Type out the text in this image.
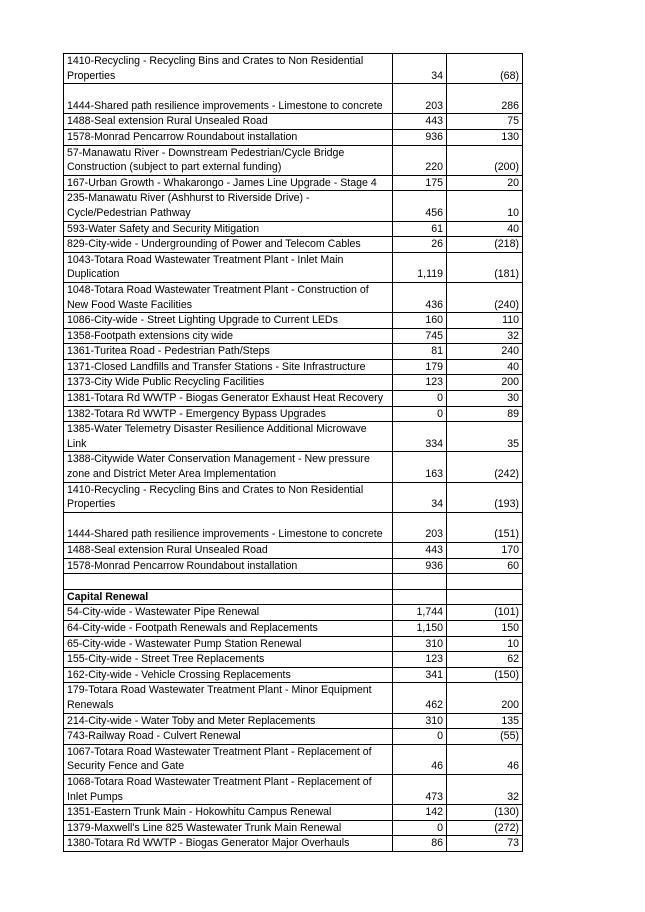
1410-Recycling - Recycling Bins and Crates to Non Residential Properties	34	(68)
1444-Shared path resilience improvements - Limestone to concrete	203	286
1488-Seal extension Rural Unsealed Road	443	75
1578-Monrad Pencarrow Roundabout installation	936	130
57-Manawatu River - Downstream Pedestrian/Cycle Bridge Construction (subject to part external funding)	220	(200)
167-Urban Growth - Whakarongo - James Line Upgrade - Stage 4	175	20
235-Manawatu River (Ashhurst to Riverside Drive) - Cycle/Pedestrian Pathway	456	10
593-Water Safety and Security Mitigation	61	40
829-City-wide - Undergrounding of Power and Telecom Cables	26	(218)
1043-Totara Road Wastewater Treatment Plant - Inlet Main Duplication	1,119	(181)
1048-Totara Road Wastewater Treatment Plant - Construction of New Food Waste Facilities	436	(240)
1086-City-wide - Street Lighting Upgrade to Current LEDs	160	110
1358-Footpath extensions city wide	745	32
1361-Turitea Road - Pedestrian Path/Steps	81	240
1371-Closed Landfills and Transfer Stations - Site Infrastructure	179	40
1373-City Wide Public Recycling Facilities	123	200
1381-Totara Rd WWTP - Biogas Generator Exhaust Heat Recovery	0	30
1382-Totara Rd WWTP - Emergency Bypass Upgrades	0	89
1385-Water Telemetry Disaster Resilience Additional Microwave Link	334	35
1388-Citywide Water Conservation Management - New pressure zone and District Meter Area Implementation	163	(242)
1410-Recycling - Recycling Bins and Crates to Non Residential Properties	34	(193)
1444-Shared path resilience improvements - Limestone to concrete	203	(151)
1488-Seal extension Rural Unsealed Road	443	170
1578-Monrad Pencarrow Roundabout installation	936	60

Capital Renewal		
54-City-wide - Wastewater Pipe Renewal	1,744	(101)
64-City-wide - Footpath Renewals and Replacements	1,150	150
65-City-wide - Wastewater Pump Station Renewal	310	10
155-City-wide - Street Tree Replacements	123	62
162-City-wide - Vehicle Crossing Replacements	341	(150)
179-Totara Road Wastewater Treatment Plant - Minor Equipment Renewals	462	200
214-City-wide - Water Toby and Meter Replacements	310	135
743-Railway Road - Culvert Renewal	0	(55)
1067-Totara Road Wastewater Treatment Plant - Replacement of Security Fence and Gate	46	46
1068-Totara Road Wastewater Treatment Plant - Replacement of Inlet Pumps	473	32
1351-Eastern Trunk Main - Hokowhitu Campus Renewal	142	(130)
1379-Maxwell's Line 825 Wastewater Trunk Main Renewal	0	(272)
1380-Totara Rd WWTP - Biogas Generator Major Overhauls	86	73
